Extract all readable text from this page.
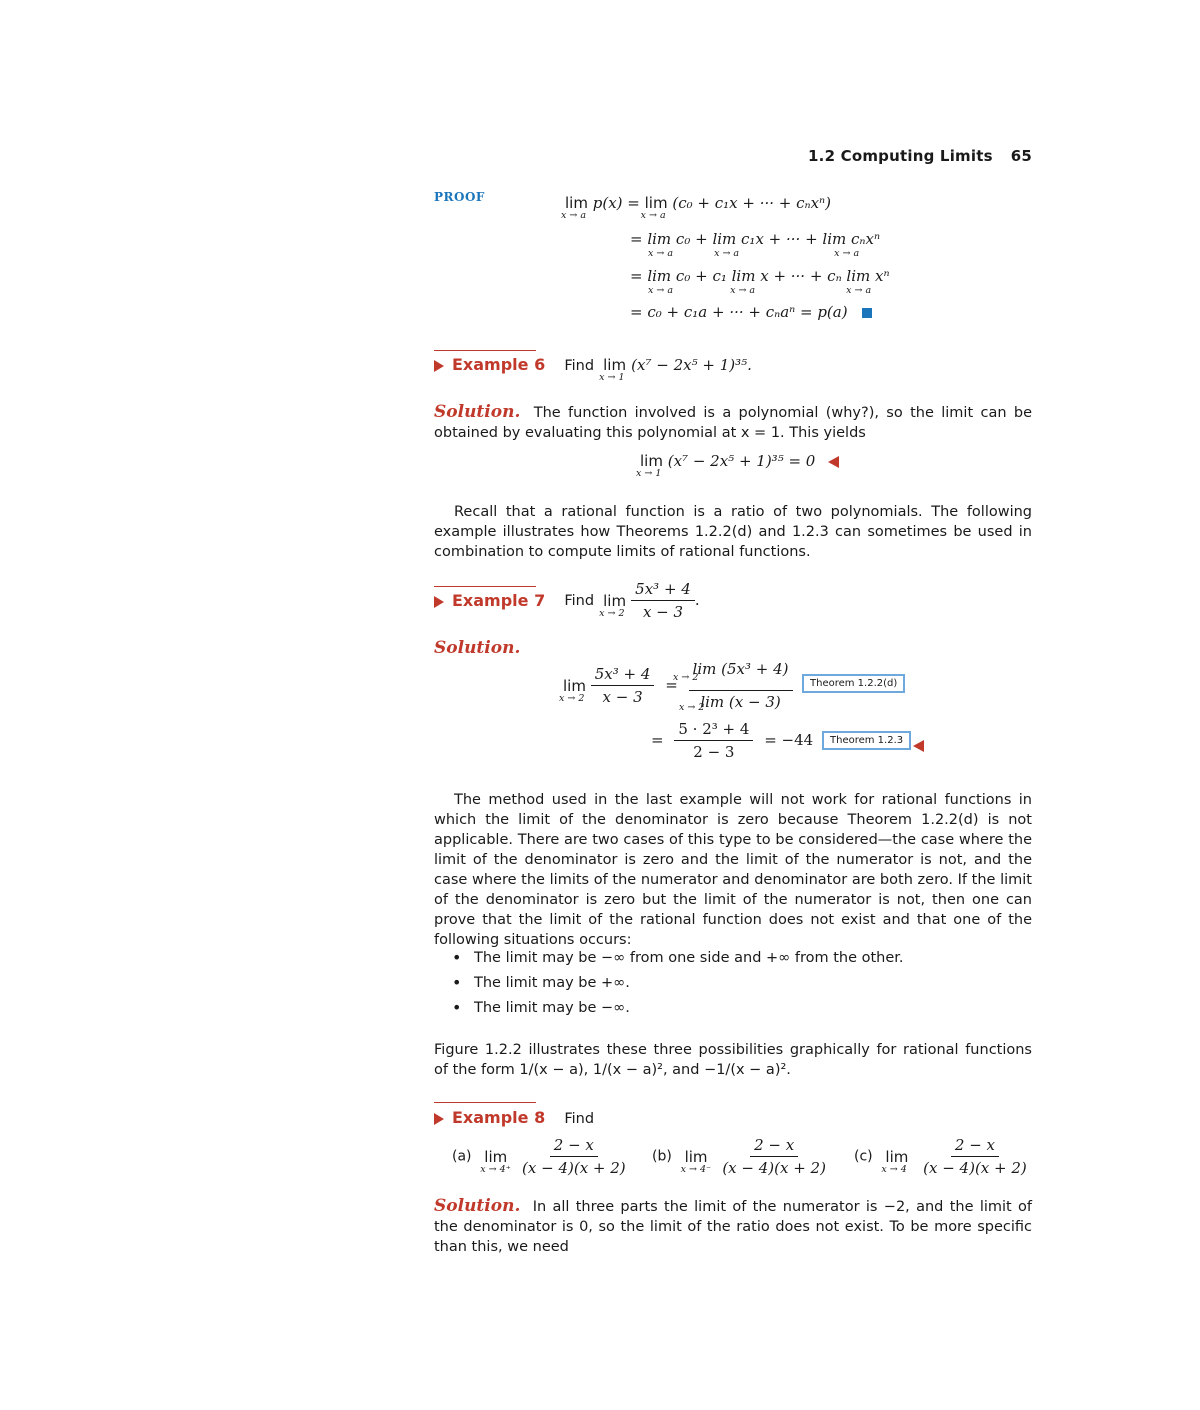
1.2 Computing Limits 65
PROOF	lim
x → a
p(x) = lim
x → a
(c₀ + c₁x + ··· + cₙxⁿ)
= lim c₀ + lim c₁x + ··· + lim cₙxⁿ
x → a	x → a	x → a
= lim c₀ + c₁ lim x + ··· + cₙ lim xⁿ
x → a	x → a	x → a
= c₀ + c₁a + ··· + cₙaⁿ = p(a)
Example 6 Find lim
x → 1
(x⁷ − 2x⁵ + 1)³⁵.
Solution. The function involved is a polynomial (why?), so the limit can be obtained by evaluating this polynomial at x = 1. This yields
lim
x → 1
(x⁷ − 2x⁵ + 1)³⁵ = 0
Recall that a rational function is a ratio of two polynomials. The following example illustrates how Theorems 1.2.2(d) and 1.2.3 can sometimes be used in combination to compute limits of rational functions.
Example 7 Find lim
x → 2
$\frac{\text{5x³ + 4}}{x - 3}$ .
Solution.
lim
x → 2
$\frac{\text{5x³ + 4}}{x - 3} = \frac{\text{lim (5x³ + 4)}}{\lim (x - 3)}$
x → 2
x → 2
Theorem 1.2.2(d)
= $\frac{\text{5 · 2³ + 4}}{2 - 3} = -44$	Theorem 1.2.3
The method used in the last example will not work for rational functions in which the limit of the denominator is zero because Theorem 1.2.2(d) is not applicable. There are two cases of this type to be considered—the case where the limit of the denominator is zero and the limit of the numerator is not, and the case where the limits of the numerator and denominator are both zero. If the limit of the denominator is zero but the limit of the numerator is not, then one can prove that the limit of the rational function does not exist and that one of the following situations occurs:
• The limit may be −∞ from one side and +∞ from the other.
• The limit may be +∞.
• The limit may be −∞.
Figure 1.2.2 illustrates these three possibilities graphically for rational functions of the form 1/(x − a), 1/(x − a)², and −1/(x − a)².
Example 8 Find
(a) lim
x → 4⁺
$\frac{2 - x}{(x - 4)(x + 2)} (b)$ lim
x → 4⁻
$\frac{2 - x}{(x - 4)(x + 2)} (c)$ lim
x → 4
$\frac{2 - x}{(x - 4)(x + 2)}$
Solution. In all three parts the limit of the numerator is −2, and the limit of the denominator is 0, so the limit of the ratio does not exist. To be more specific than this, we need
